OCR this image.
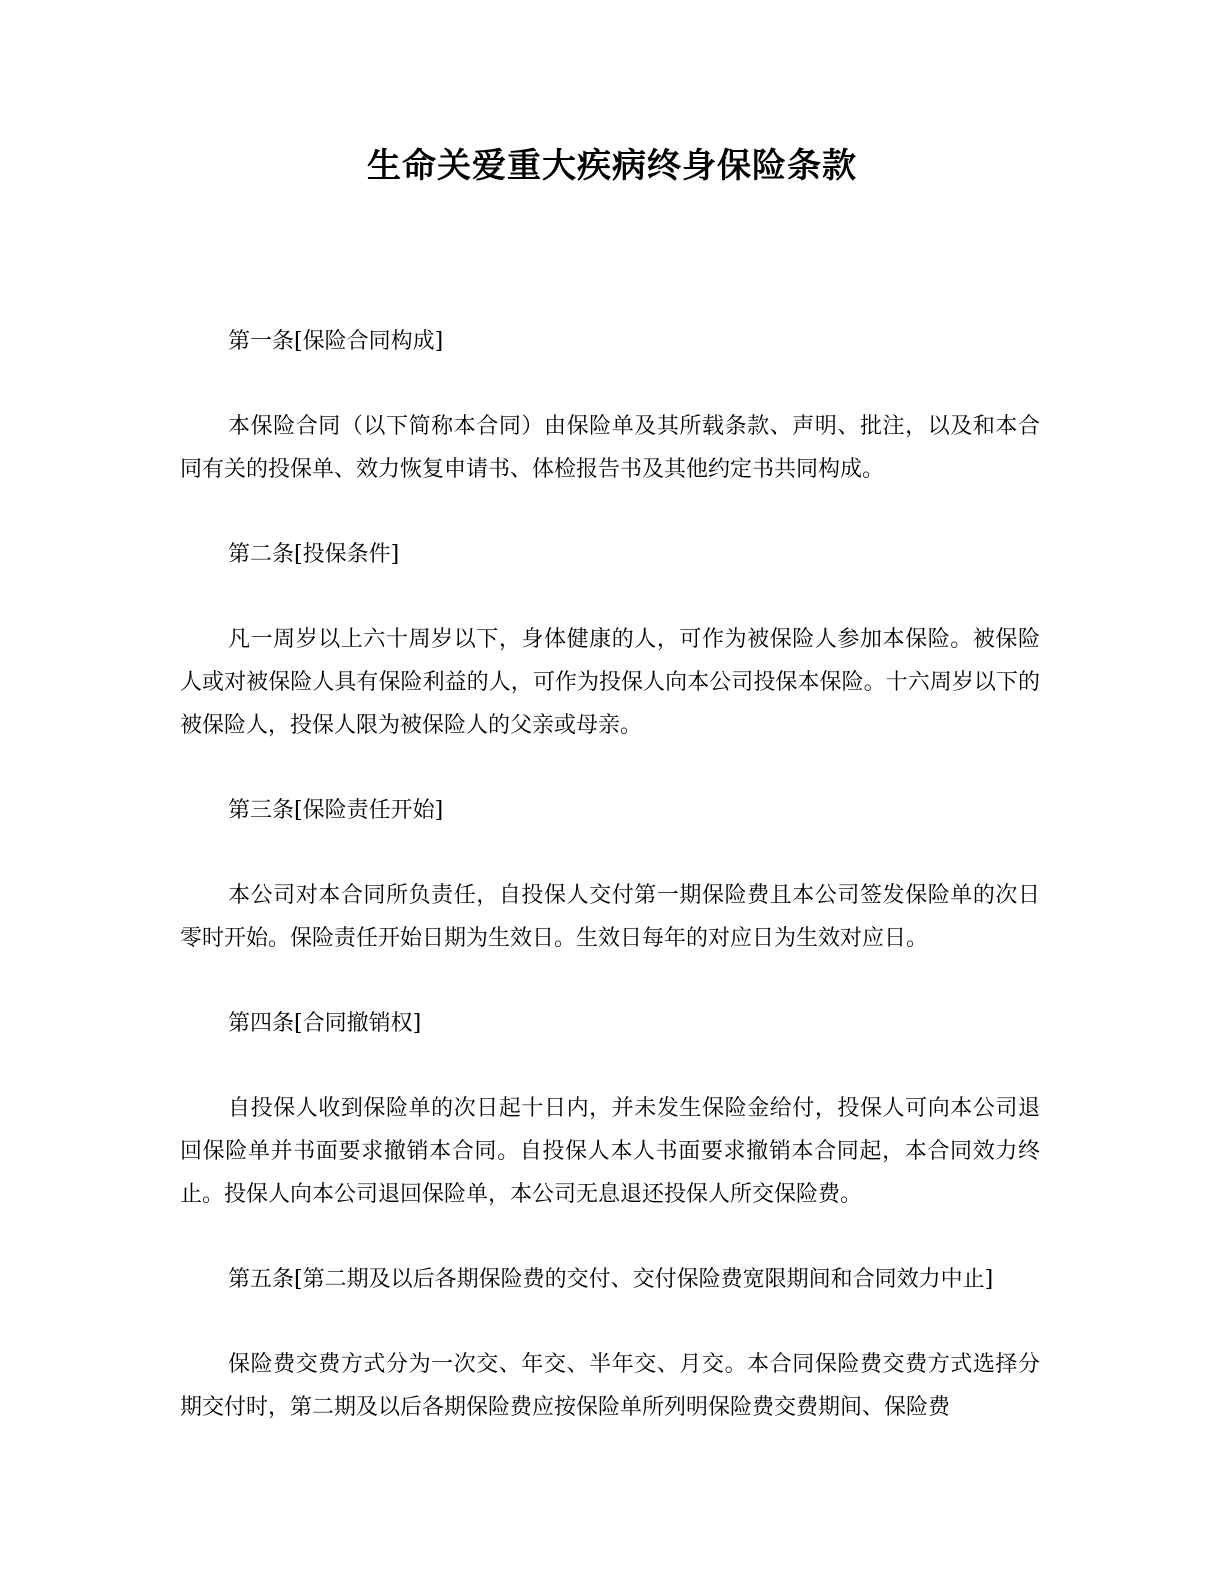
生命关爱重大疾病终身保险条款

第一条[保险合同构成]

本保险合同（以下简称本合同）由保险单及其所载条款、声明、批注，以及和本合同有关的投保单、效力恢复申请书、体检报告书及其他约定书共同构成。

第二条[投保条件]

凡一周岁以上六十周岁以下，身体健康的人，可作为被保险人参加本保险。被保险人或对被保险人具有保险利益的人，可作为投保人向本公司投保本保险。十六周岁以下的被保险人，投保人限为被保险人的父亲或母亲。

第三条[保险责任开始]

本公司对本合同所负责任，自投保人交付第一期保险费且本公司签发保险单的次日零时开始。保险责任开始日期为生效日。生效日每年的对应日为生效对应日。

第四条[合同撤销权]

自投保人收到保险单的次日起十日内，并未发生保险金给付，投保人可向本公司退回保险单并书面要求撤销本合同。自投保人本人书面要求撤销本合同起，本合同效力终止。投保人向本公司退回保险单，本公司无息退还投保人所交保险费。

第五条[第二期及以后各期保险费的交付、交付保险费宽限期间和合同效力中止]

保险费交费方式分为一次交、年交、半年交、月交。本合同保险费交费方式选择分期交付时，第二期及以后各期保险费应按保险单所列明保险费交费期间、保险费
